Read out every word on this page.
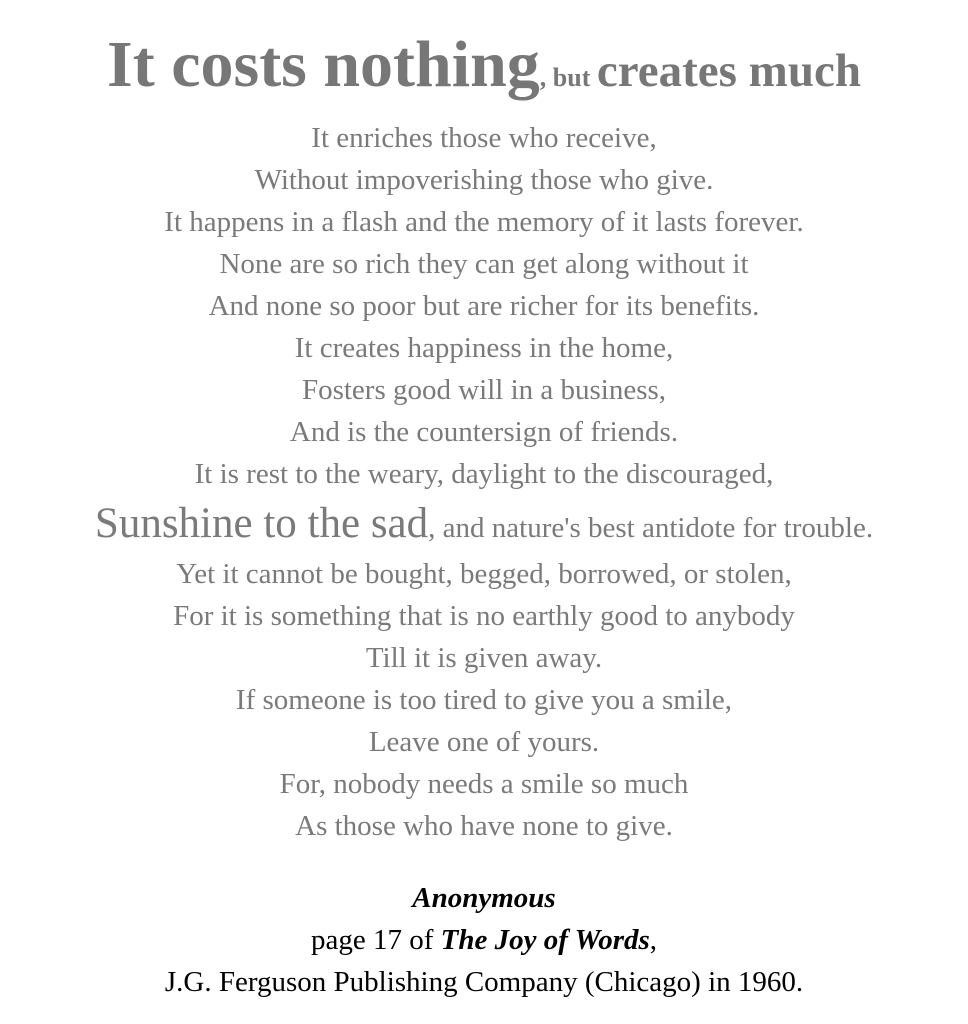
It costs nothing, but creates much
It enriches those who receive,
Without impoverishing those who give.
It happens in a flash and the memory of it lasts forever.
None are so rich they can get along without it
And none so poor but are richer for its benefits.
It creates happiness in the home,
Fosters good will in a business,
And is the countersign of friends.
It is rest to the weary, daylight to the discouraged,
Sunshine to the sad, and nature's best antidote for trouble.
Yet it cannot be bought, begged, borrowed, or stolen,
For it is something that is no earthly good to anybody
Till it is given away.
If someone is too tired to give you a smile,
Leave one of yours.
For, nobody needs a smile so much
As those who have none to give.
Anonymous
page 17 of The Joy of Words,
J.G. Ferguson Publishing Company (Chicago) in 1960.
